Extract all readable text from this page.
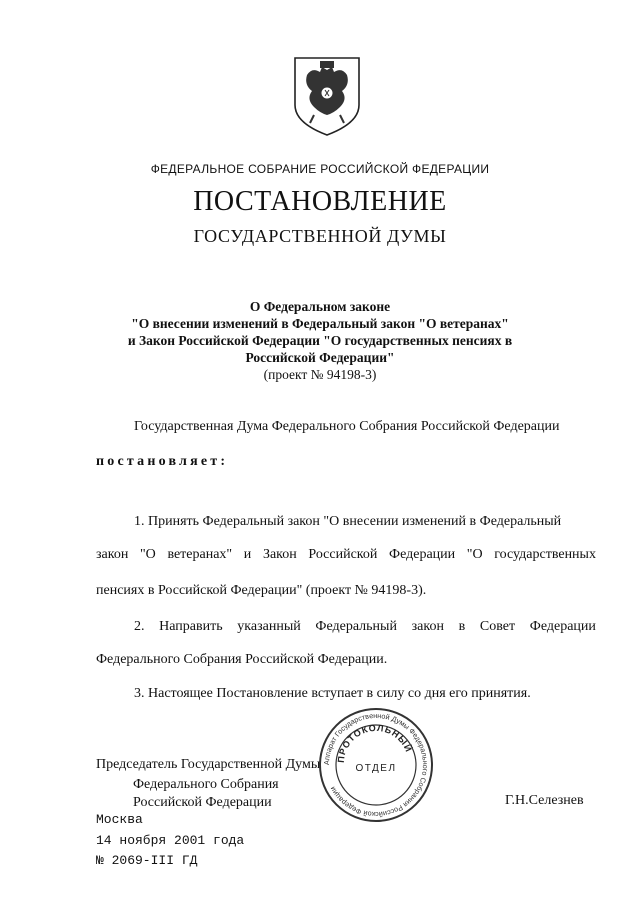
ФЕДЕРАЛЬНОЕ СОБРАНИЕ РОССИЙСКОЙ ФЕДЕРАЦИИ
ПОСТАНОВЛЕНИЕ
ГОСУДАРСТВЕННОЙ ДУМЫ
О Федеральном законе
"О внесении изменений в Федеральный закон "О ветеранах"
и Закон Российской Федерации "О государственных пенсиях в
Российской Федерации"
(проект № 94198-3)
Государственная Дума Федерального Собрания Российской Федерации
постановляет:
1. Принять Федеральный закон "О внесении изменений в Федеральный
закон "О ветеранах" и Закон Российской Федерации "О государственных
пенсиях в Российской Федерации" (проект № 94198-3).
2. Направить указанный Федеральный закон в Совет Федерации
Федерального Собрания Российской Федерации.
3. Настоящее Постановление вступает в силу со дня его принятия.
Председатель Государственной Думы
Федерального Собрания
Российской Федерации	Г.Н.Селезнев
Аппарат Государственной Думы Федерального Собрания Российской Федерации
ПРОТОКОЛЬНЫЙ
ОТДЕЛ
Москва
14 ноября 2001 года
№ 2069-III ГД
